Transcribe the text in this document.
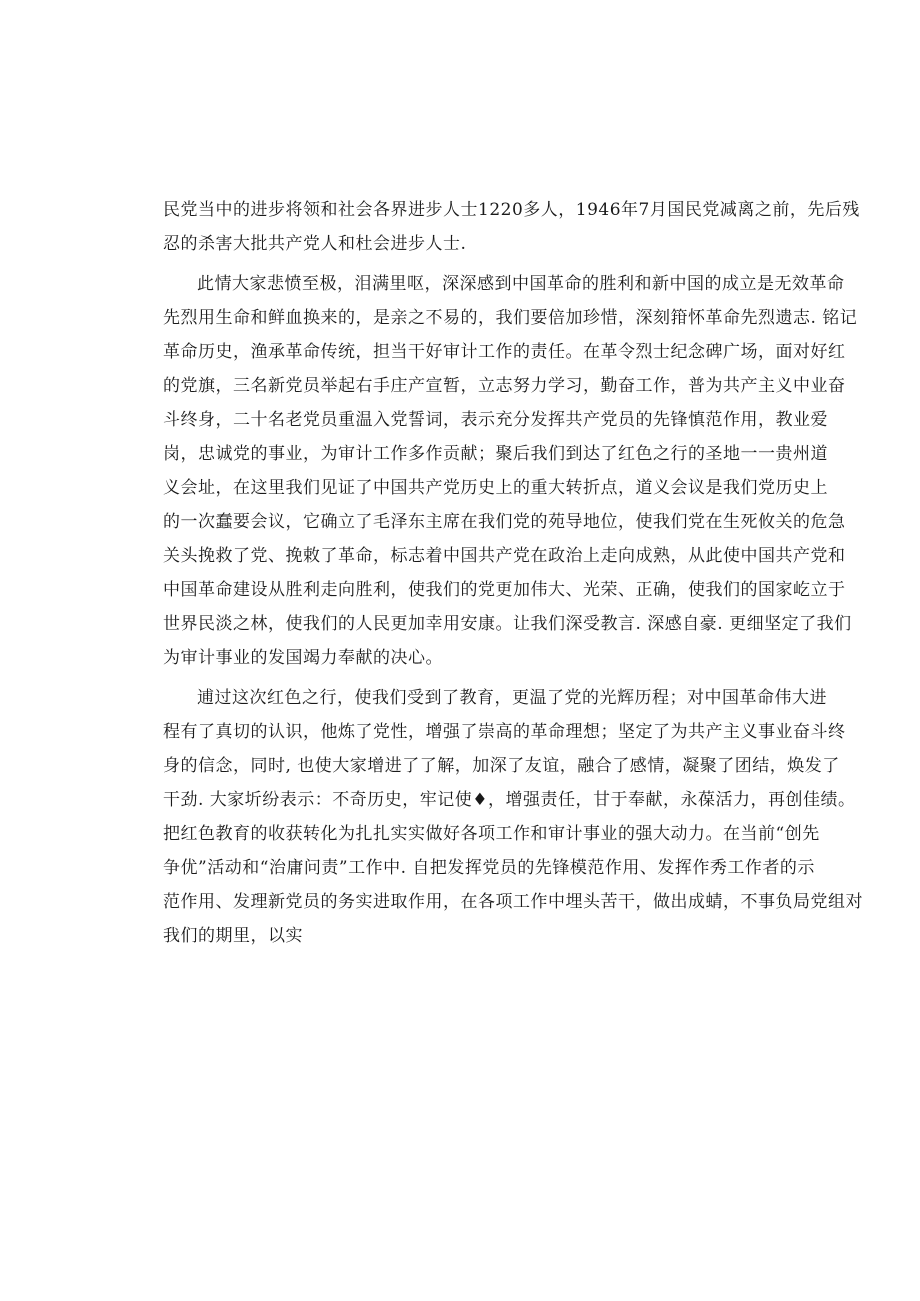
民党当中的进步将领和社会各界进步人士1220多人，1946年7月国民党减离之前，先后残
忍的杀害大批共产党人和杜会进步人士.
此情大家悲愤至极，泪满里呕，深深感到中国革命的胜利和新中国的成立是无效革命
先烈用生命和鲜血换来的，是亲之不易的，我们要倍加珍惜，深刻箝怀革命先烈遗志. 铭记
革命历史，渔承革命传统，担当干好审计工作的责任。在革令烈士纪念碑广场，面对好红
的党旗，三名新党员举起右手庄产宣暂，立志努力学习，勤奋工作，普为共产主义中业奋
斗终身，二十名老党员重温入党誓词，表示充分发挥共产党员的先锋慎范作用，教业爱
岗，忠诚党的事业，为审计工作多作贡献；聚后我们到达了红色之行的圣地一一贵州道
义会址，在这里我们见证了中国共产党历史上的重大转折点，道义会议是我们党历史上
的一次蠢要会议，它确立了毛泽东主席在我们党的苑导地位，使我们党在生死攸关的危急
关头挽救了党、挽敕了革命，标志着中国共产党在政治上走向成熟，从此使中国共产党和
中国革命建设从胜利走向胜利，使我们的党更加伟大、光荣、正确，使我们的国家屹立于
世界民淡之林，使我们的人民更加幸用安康。让我们深受教言. 深感自豪. 更细坚定了我们
为审计事业的发国竭力奉献的决心。
逋过这次红色之行，使我们受到了教育，更温了党的光辉历程；对中国革命伟大进
程有了真切的认识，他炼了党性，增强了崇高的革命理想；坚定了为共产主义事业奋斗终
身的信念，同时, 也使大家增进了了解，加深了友谊，融合了感情，凝聚了团结，焕发了
干劲. 大家圻纷表示：不奇历史，牢记使♦，增强责任，甘于奉献，永葆活力，再创佳绩。
把红色教育的收获转化为扎扎实实做好各项工作和审计事业的强大动力。在当前“创先
争优”活动和“治庸问责”工作中. 自把发挥党员的先锋模范作用、发挥作秀工作者的示
范作用、发理新党员的务实进取作用，在各项工作中埋头苦干，做出成蜻，不事负局党组对
我们的期里，以实
